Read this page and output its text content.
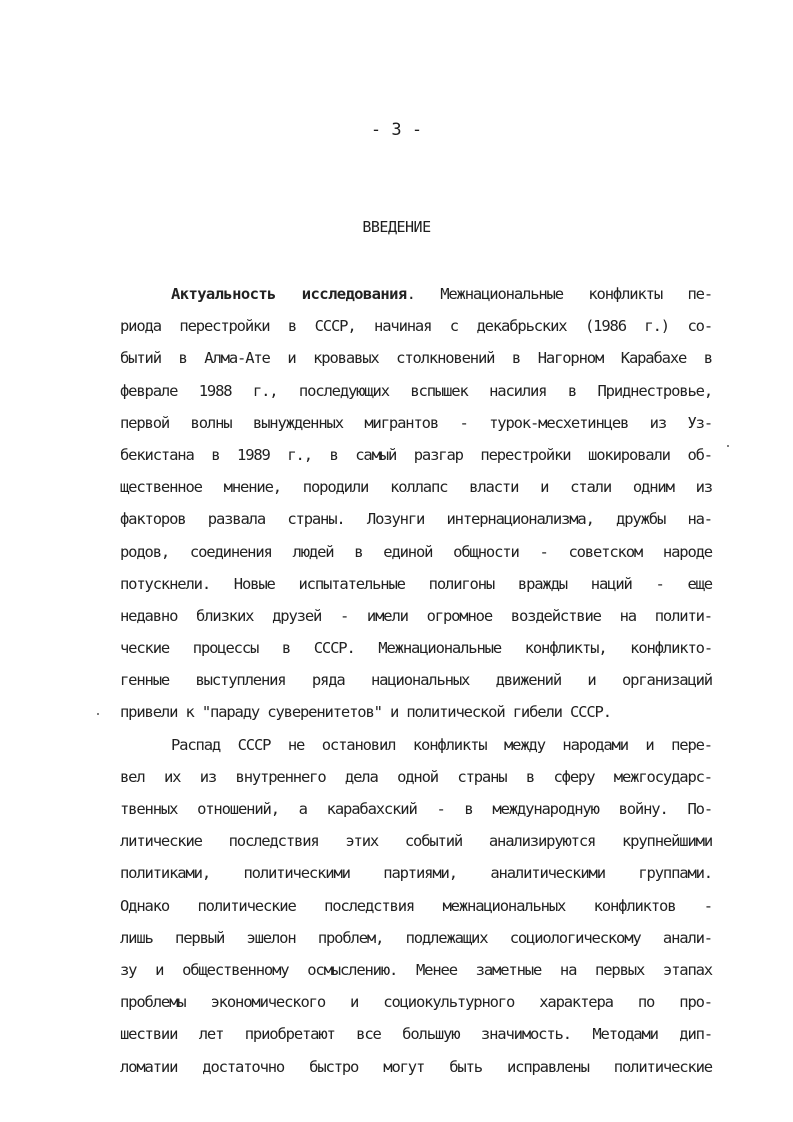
- 3 -
ВВЕДЕНИЕ
Актуальность исследования. Межнациональные конфликты пе-
риода перестройки в СССР, начиная с декабрьских (1986 г.) со-
бытий в Алма-Ате и кровавых столкновений в Нагорном Карабахе в
феврале 1988 г., последующих вспышек насилия в Приднестровье,
первой волны вынужденных мигрантов - турок-месхетинцев из Уз-
бекистана в 1989 г., в самый разгар перестройки шокировали об-
щественное мнение, породили коллапс власти и стали одним из
факторов развала страны. Лозунги интернационализма, дружбы на-
родов, соединения людей в единой общности - советском народе
потускнели. Новые испытательные полигоны вражды наций - еще
недавно близких друзей - имели огромное воздействие на полити-
ческие процессы в СССР. Межнациональные конфликты, конфликто-
генные выступления ряда национальных движений и организаций
привели к "параду суверенитетов" и политической гибели СССР.
Распад СССР не остановил конфликты между народами и пере-
вел их из внутреннего дела одной страны в сферу межгосударс-
твенных отношений, а карабахский - в международную войну. По-
литические последствия этих событий анализируются крупнейшими
политиками, политическими партиями, аналитическими группами.
Однако политические последствия межнациональных конфликтов -
лишь первый эшелон проблем, подлежащих социологическому анали-
зу и общественному осмыслению. Менее заметные на первых этапах
проблемы экономического и социокультурного характера по про-
шествии лет приобретают все большую значимость. Методами дип-
ломатии достаточно быстро могут быть исправлены политические
